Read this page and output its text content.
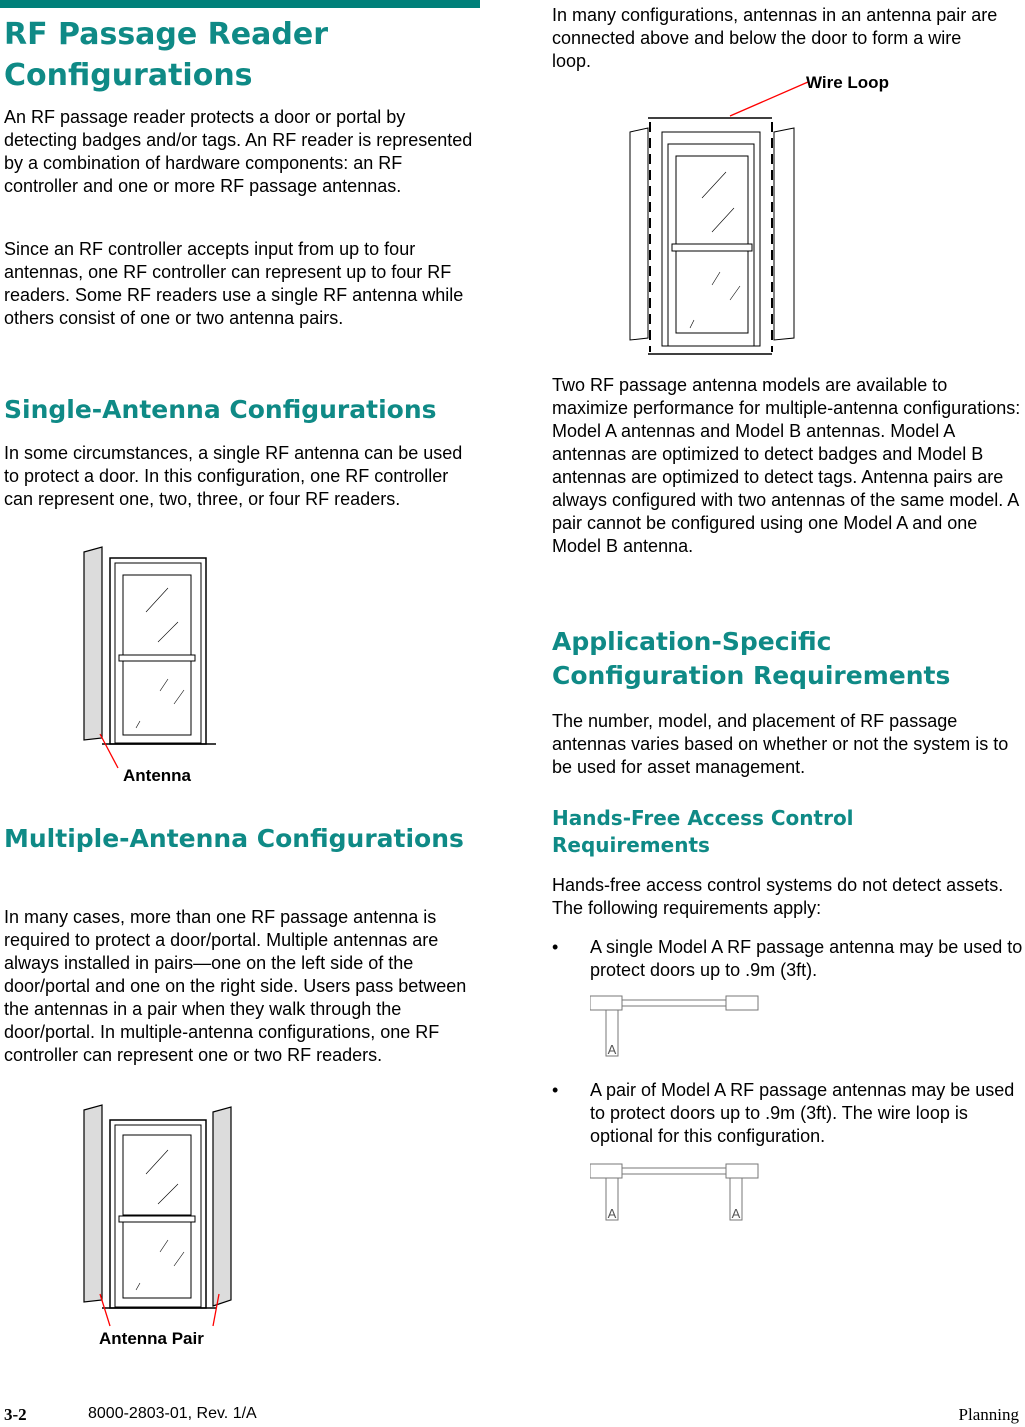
RF Passage Reader Configurations

An RF passage reader protects a door or portal by detecting badges and/or tags. An RF reader is represented by a combination of hardware components: an RF controller and one or more RF passage antennas.

Since an RF controller accepts input from up to four antennas, one RF controller can represent up to four RF readers. Some RF readers use a single RF antenna while others consist of one or two antenna pairs.

Single-Antenna Configurations

In some circumstances, a single RF antenna can be used to protect a door. In this configuration, one RF controller can represent one, two, three, or four RF readers.

Antenna
Multiple-Antenna Configurations

In many cases, more than one RF passage antenna is required to protect a door/portal. Multiple antennas are always installed in pairs—one on the left side of the door/portal and one on the right side. Users pass between the antennas in a pair when they walk through the door/portal. In multiple-antenna configurations, one RF controller can represent one or two RF readers.

Antenna Pair

In many configurations, antennas in an antenna pair are connected above and below the door to form a wire loop.

Wire Loop

Two RF passage antenna models are available to maximize performance for multiple-antenna configurations: Model A antennas and Model B antennas. Model A antennas are optimized to detect badges and Model B antennas are optimized to detect tags. Antenna pairs are always configured with two antennas of the same model. A pair cannot be configured using one Model A and one Model B antenna.

Application-Specific Configuration Requirements

The number, model, and placement of RF passage antennas varies based on whether or not the system is to be used for asset management.

Hands-Free Access Control Requirements

Hands-free access control systems do not detect assets. The following requirements apply:

• A single Model A RF passage antenna may be used to protect doors up to .9m (3ft).
A
• A pair of Model A RF passage antennas may be used to protect doors up to .9m (3ft). The wire loop is optional for this configuration.
A	A
3-2	8000-2803-01, Rev. 1/A	Planning
